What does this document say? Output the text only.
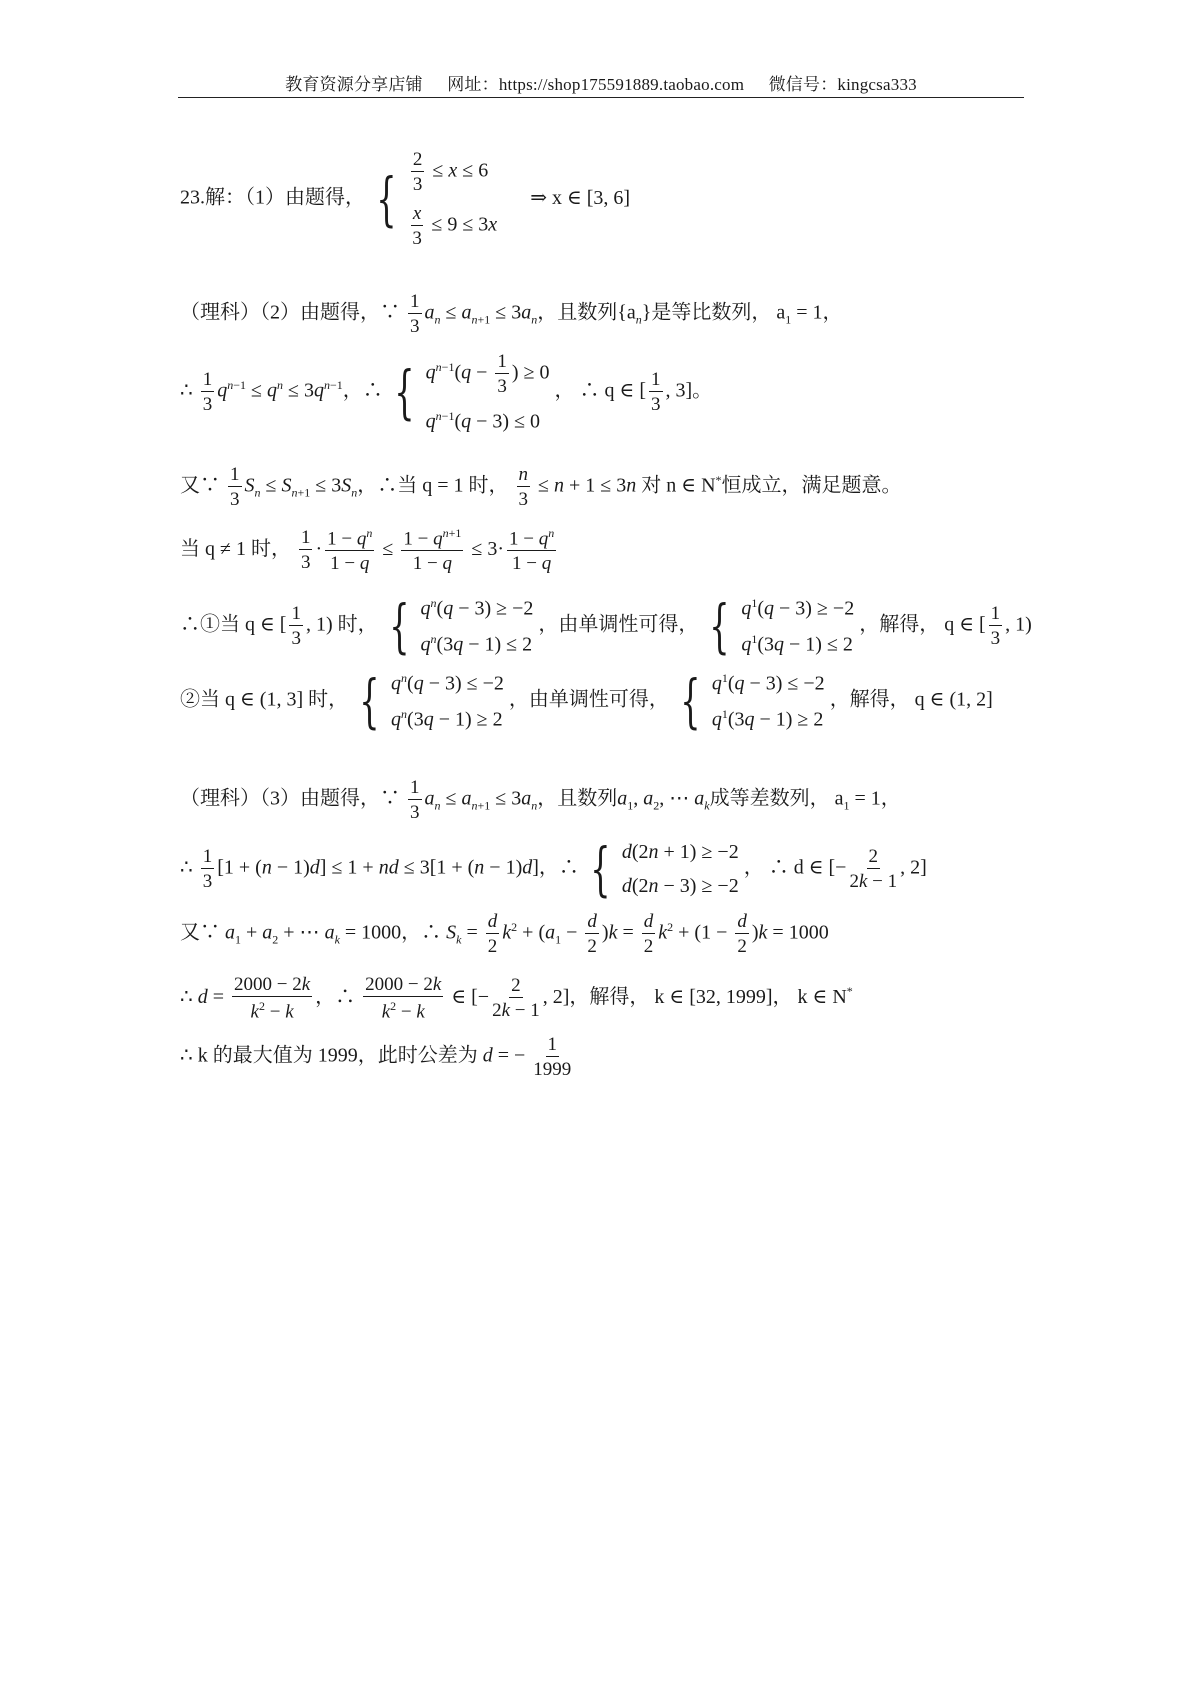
教育资源分享店铺 网址：https://shop175591889.taobao.com 微信号：kingcsa333
23.解：（1）由题得， { $\frac{2}{3} \le x \le 6$
$\frac{x}{3} \le 9 \le 3x$
⇒ x ∈ [3, 6]
（理科）（2）由题得，∵ $\frac{1}{3} a_n \le a_{n+1} \le 3a_n$，且数列$\{a_n\}$是等比数列， $a_1 = 1$，
∴ $\frac{1}{3} q^{n-1} \le q^n \le 3q^{n-1}$，∴ { $q^{n-1}(q - \frac{1}{3}$ ) ≥ 0
$q^{n-1}(q - 3) \le 0$
， ∴ q ∈ [ $\frac{1}{3}$ , 3]。
又∵ $\frac{1}{3} S_n \le S_{n+1} \le 3S_n$，∴当 q = 1 时， $\frac{n}{3} \le n + 1 \le 3n$ 对 n ∈ N*恒成立，满足题意。
当 q ≠ 1 时， $\frac{1}{3} \cdot \frac{1 - q^n}{1 - q} \le \frac{1 - q^{n+1}}{1 - q} \le 3\cdot \frac{1 - q^n}{1 - q}$
∴①当 q ∈ [ $\frac{1}{3}$ , 1) 时， { $q^n(q - 3) \ge -2$
$q^n(3q - 1) \le 2$
，由单调性可得， { $q^1(q - 3) \ge -2$
$q^1(3q - 1) \le 2$
，解得， q ∈ [ $\frac{1}{3}$ , 1)
②当 q ∈ (1, 3] 时， { $q^n(q - 3) \le -2$
$q^n(3q - 1) \ge 2$
，由单调性可得， { $q^1(q - 3) \le -2$
$q^1(3q - 1) \ge 2$
，解得， q ∈ (1, 2]
（理科）（3）由题得，∵ $\frac{1}{3} a_n \le a_{n+1} \le 3a_n$，且数列$a_1$, $a_2$, ⋯ $a_k$成等差数列， $a_1 = 1$，
∴ $\frac{1}{3} [1 + (n - 1)d] \le 1$ + nd ≤ 3[1 + (n − 1)d]，∴ { d(2n + 1) ≥ −2
d(2n − 3) ≥ −2
， ∴ d ∈ [− $\frac{2}{2k - 1}$ , 2]
又∵ $a_1 + a_2$ + ⋯ $a_k = 1000$，∴ $S_k = \frac{d}{2} k^2 + (a_1 - \frac{d}{2} )k = \frac{d}{2} k^2 + (1 - \frac{d}{2} )k = 1000$
∴ $d = \frac{2000 - 2k}{k^2 - k}$ ，∴ $\frac{2000 - 2k}{k^2 - k}$ ∈ [− $\frac{2}{2k - 1}$ , 2]，解得， k ∈ [32, 1999]， k ∈ N*
∴ k 的最大值为 1999，此时公差为 d = − $\frac{1}{1999}$
